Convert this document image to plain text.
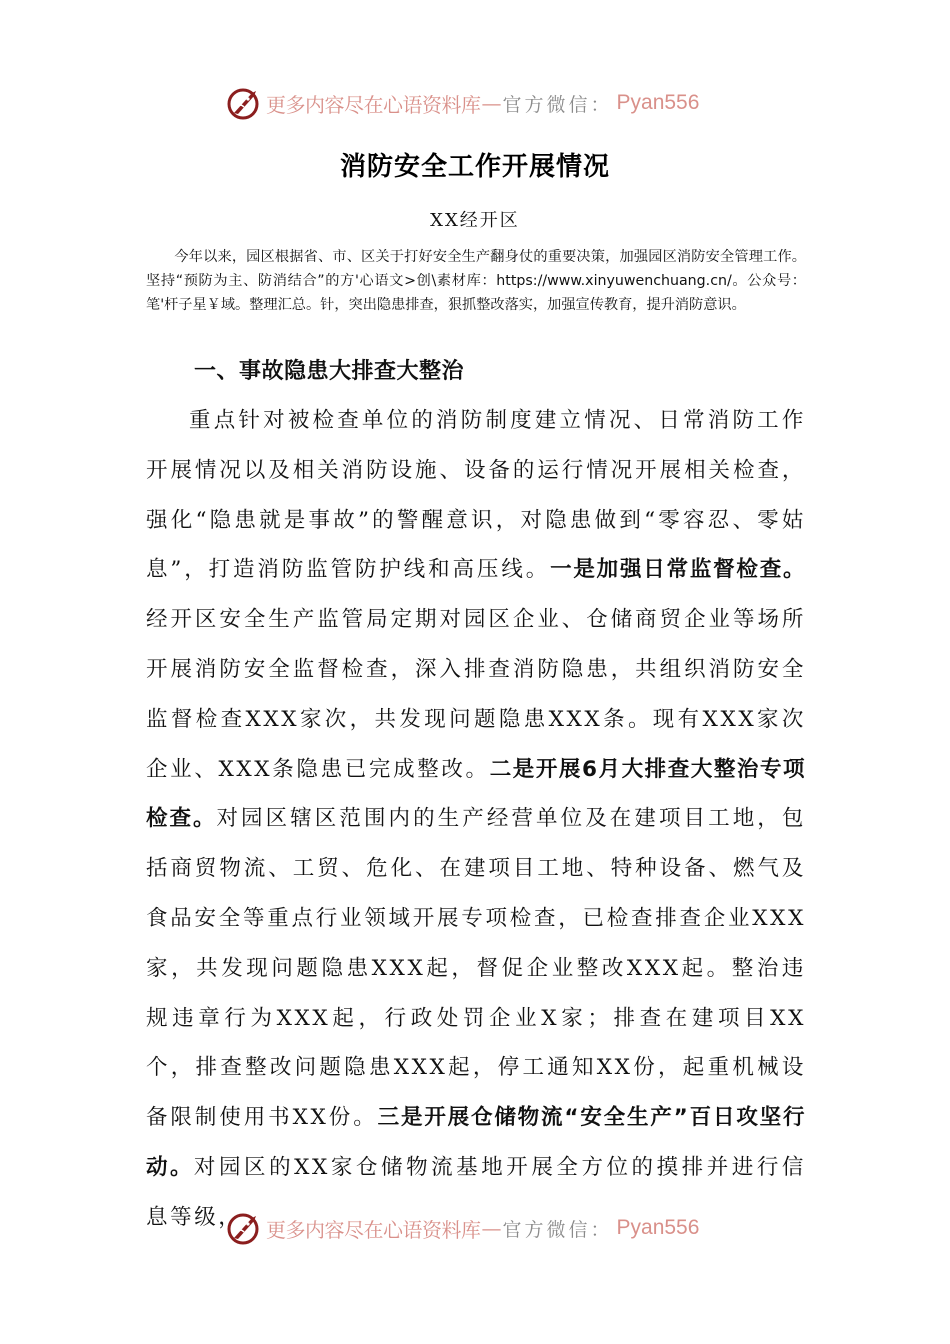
更多内容尽在心语资料库 — 官方微信： Pyan556
消防安全工作开展情况
XX经开区
今年以来，园区根据省、市、区关于打好安全生产翻身仗的重要决策，加强园区消防安全管理工作。坚持“预防为主、防消结合”的方'心语文>创\素材库：https://www.xinyuwenchuang.cn/。公众号：笔'杆子星￥域。整理汇总。针，突出隐患排查，狠抓整改落实，加强宣传教育，提升消防意识。
一、事故隐患大排查大整治
重点针对被检查单位的消防制度建立情况、日常消防工作开展情况以及相关消防设施、设备的运行情况开展相关检查，强化“隐患就是事故”的警醒意识，对隐患做到“零容忍、零姑息”，打造消防监管防护线和高压线。一是加强日常监督检查。经开区安全生产监管局定期对园区企业、仓储商贸企业等场所开展消防安全监督检查，深入排查消防隐患，共组织消防安全监督检查XXX家次，共发现问题隐患XXX条。现有XXX家次企业、XXX条隐患已完成整改。二是开展6月大排查大整治专项检查。对园区辖区范围内的生产经营单位及在建项目工地，包括商贸物流、工贸、危化、在建项目工地、特种设备、燃气及食品安全等重点行业领域开展专项检查，已检查排查企业XXX家，共发现问题隐患XXX起，督促企业整改XXX起。整治违规违章行为XXX起，行政处罚企业X家；排查在建项目XX个，排查整改问题隐患XXX起，停工通知XX份，起重机械设备限制使用书XX份。三是开展仓储物流“安全生产”百日攻坚行动。对园区的XX家仓储物流基地开展全方位的摸排并进行信息等级，	更多内容尽在心语资料库 — 官方微信： Pyan556
